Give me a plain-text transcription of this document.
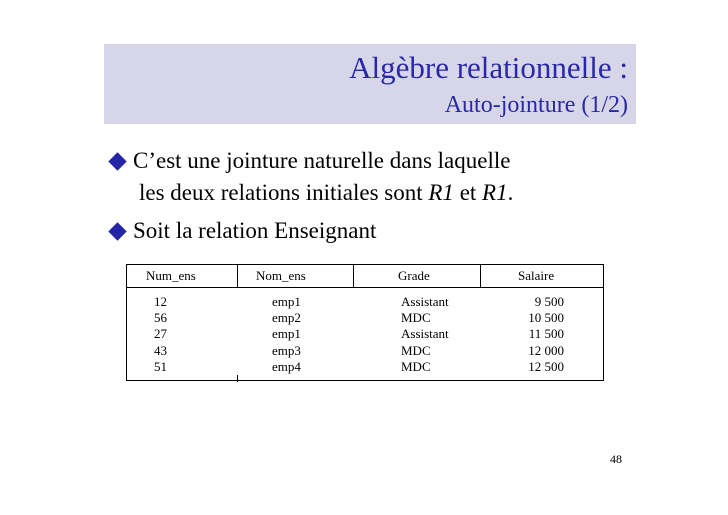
Algèbre relationnelle :
Auto-jointure (1/2)
C’est une jointure naturelle dans laquelle
les deux relations initiales sont R1 et R1.
Soit la relation Enseignant
Num_ens	Nom_ens	Grade	Salaire
12	emp1	Assistant	9 500
56	emp2	MDC	10 500
27	emp1	Assistant	11 500
43	emp3	MDC	12 000
51	emp4	MDC	12 500
48
